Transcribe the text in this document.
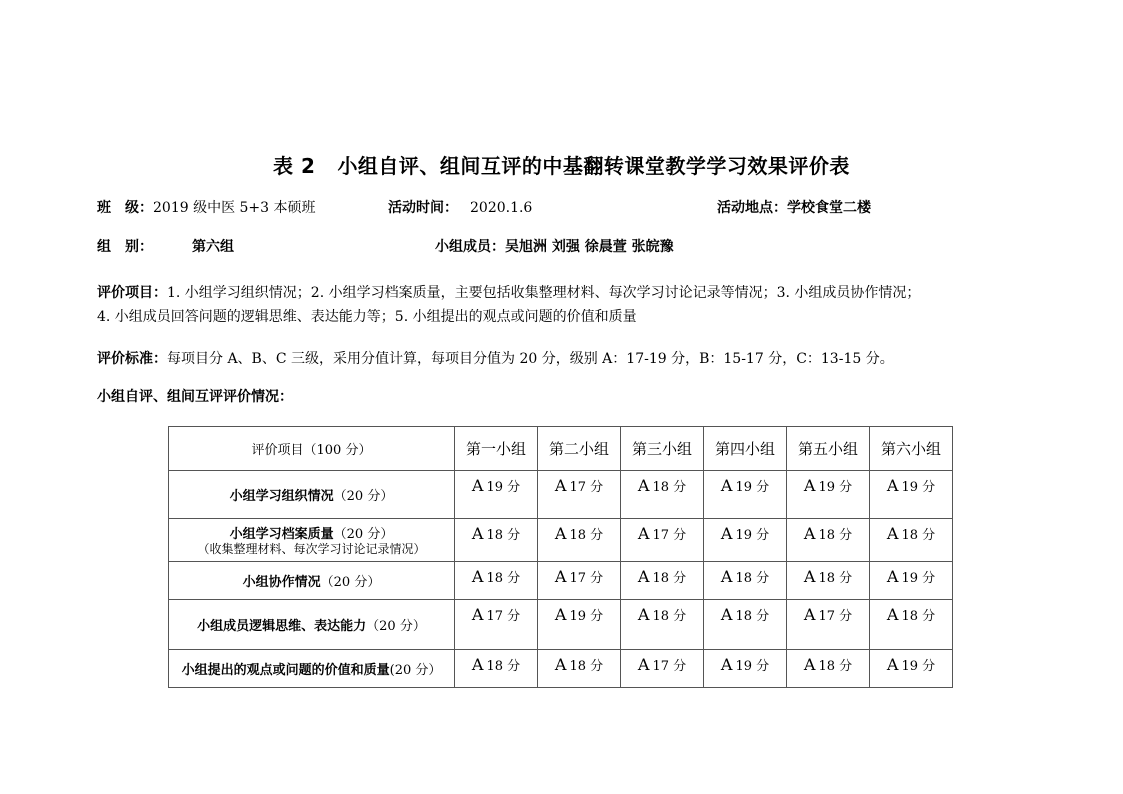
表 2 小组自评、组间互评的中基翻转课堂教学学习效果评价表
班　级：2019 级中医 5+3 本硕班	活动时间： 2020.1.6	活动地点：学校食堂二楼
组　别：	第六组	小组成员：吴旭洲 刘强 徐晨萱 张皖豫
评价项目：1. 小组学习组织情况；2. 小组学习档案质量，主要包括收集整理材料、每次学习讨论记录等情况；3. 小组成员协作情况；
4. 小组成员回答问题的逻辑思维、表达能力等；5. 小组提出的观点或问题的价值和质量
评价标准：每项目分 A、B、C 三级，采用分值计算，每项目分值为 20 分，级别 A：17-19 分，B：15-17 分，C：13-15 分。
小组自评、组间互评评价情况：
评价项目（100 分）	第一小组	第二小组	第三小组	第四小组	第五小组	第六小组
小组学习组织情况（20 分）	A 19 分	A 17 分	A 18 分	A 19 分	A 19 分	A 19 分
小组学习档案质量（20 分）
（收集整理材料、每次学习讨论记录情况）	A 18 分	A 18 分	A 17 分	A 19 分	A 18 分	A 18 分
小组协作情况（20 分）	A 18 分	A 17 分	A 18 分	A 18 分	A 18 分	A 19 分
小组成员逻辑思维、表达能力（20 分）	A 17 分	A 19 分	A 18 分	A 18 分	A 17 分	A 18 分
小组提出的观点或问题的价值和质量(20 分）	A 18 分	A 18 分	A 17 分	A 19 分	A 18 分	A 19 分
